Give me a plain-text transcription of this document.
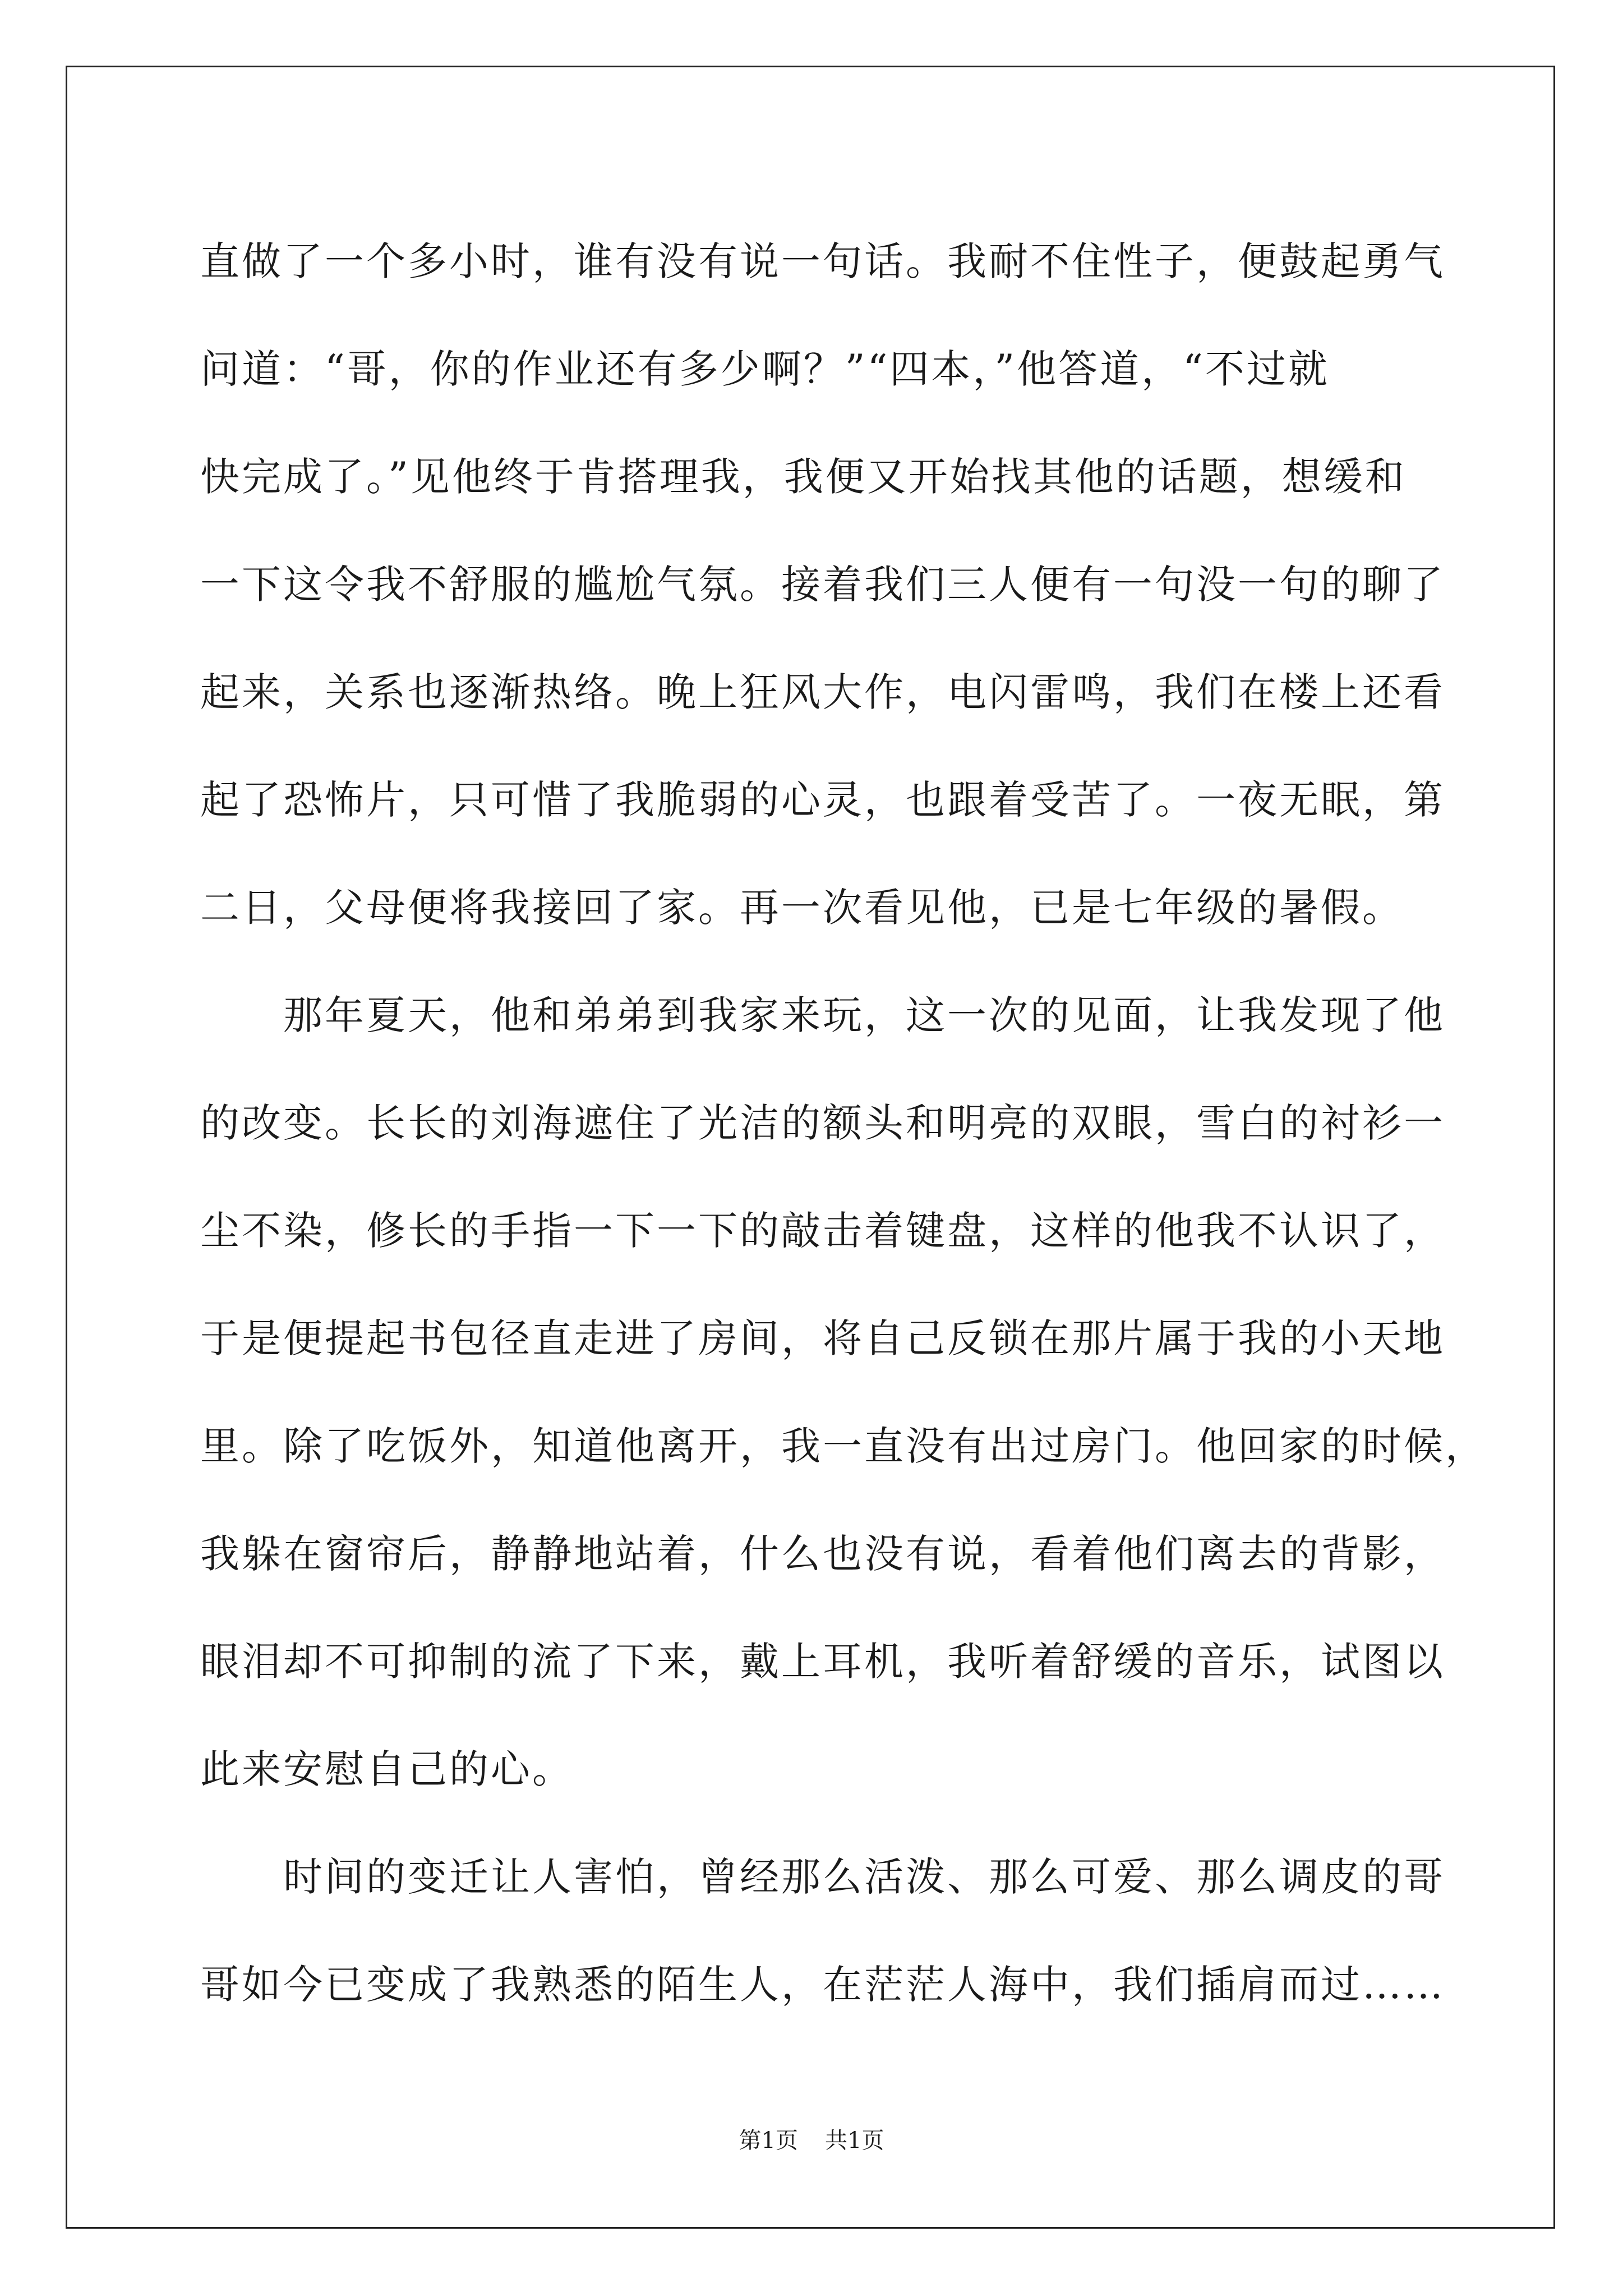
直做了一个多小时，谁有没有说一句话。我耐不住性子，便鼓起勇气
问道：“哥，你的作业还有多少啊？”“四本，”他答道，“不过就
快完成了。”见他终于肯搭理我，我便又开始找其他的话题，想缓和
一下这令我不舒服的尴尬气氛。接着我们三人便有一句没一句的聊了
起来，关系也逐渐热络。晚上狂风大作，电闪雷鸣，我们在楼上还看
起了恐怖片，只可惜了我脆弱的心灵，也跟着受苦了。一夜无眠，第
二日，父母便将我接回了家。再一次看见他，已是七年级的暑假。
那年夏天，他和弟弟到我家来玩，这一次的见面，让我发现了他
的改变。长长的刘海遮住了光洁的额头和明亮的双眼，雪白的衬衫一
尘不染，修长的手指一下一下的敲击着键盘，这样的他我不认识了，
于是便提起书包径直走进了房间，将自己反锁在那片属于我的小天地
里。除了吃饭外，知道他离开，我一直没有出过房门。他回家的时候，
我躲在窗帘后，静静地站着，什么也没有说，看着他们离去的背影，
眼泪却不可抑制的流了下来，戴上耳机，我听着舒缓的音乐，试图以
此来安慰自己的心。
时间的变迁让人害怕，曾经那么活泼、那么可爱、那么调皮的哥
哥如今已变成了我熟悉的陌生人，在茫茫人海中，我们插肩而过……
第1页 共1页
